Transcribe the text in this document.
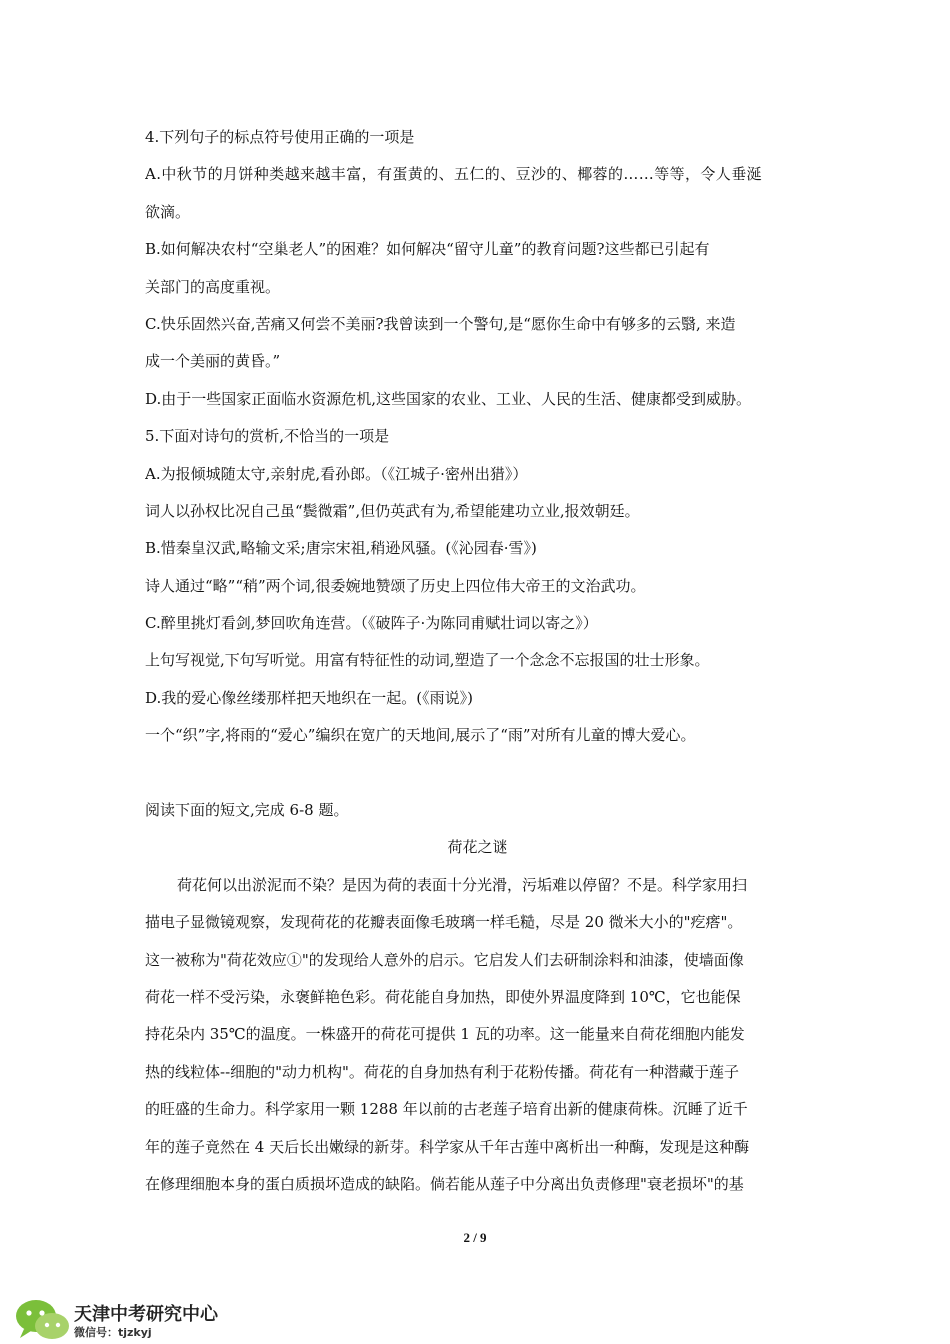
4.下列句子的标点符号使用正确的一项是
A.中秋节的月饼种类越来越丰富，有蛋黄的、五仁的、豆沙的、椰蓉的……等等，令人垂涎
欲滴。
B.如何解决农村“空巢老人”的困难？如何解决“留守儿童”的教育问题?这些都已引起有
关部门的高度重视。
C.快乐固然兴奋,苦痛又何尝不美丽?我曾读到一个警句,是“愿你生命中有够多的云翳, 来造
成一个美丽的黄昏。”
D.由于一些国家正面临水资源危机,这些国家的农业、工业、人民的生活、健康都受到威胁。
5.下面对诗句的赏析,不恰当的一项是
A.为报倾城随太守,亲射虎,看孙郎。（《江城子·密州出猎》）
词人以孙权比况自己虽“鬓微霜”,但仍英武有为,希望能建功立业,报效朝廷。
B.惜秦皇汉武,略输文采;唐宗宋祖,稍逊风骚。(《沁园春·雪》)
诗人通过“略”“稍”两个词,很委婉地赞颂了历史上四位伟大帝王的文治武功。
C.醉里挑灯看剑,梦回吹角连营。（《破阵子·为陈同甫赋壮词以寄之》）
上句写视觉,下句写听觉。用富有特征性的动词,塑造了一个念念不忘报国的壮士形象。
D.我的爱心像丝缕那样把天地织在一起。(《雨说》)
一个“织”字,将雨的“爱心”编织在宽广的天地间,展示了“雨”对所有儿童的博大爱心。
阅读下面的短文,完成 6-8 题。
荷花之谜
荷花何以出淤泥而不染？是因为荷的表面十分光滑，污垢难以停留？不是。科学家用扫
描电子显微镜观察，发现荷花的花瓣表面像毛玻璃一样毛糙，尽是 20 微米大小的"疙瘩"。
这一被称为"荷花效应①"的发现给人意外的启示。它启发人们去研制涂料和油漆，使墙面像
荷花一样不受污染，永褒鲜艳色彩。荷花能自身加热，即使外界温度降到 10℃，它也能保
持花朵内 35℃的温度。一株盛开的荷花可提供 1 瓦的功率。这一能量来自荷花细胞内能发
热的线粒体--细胞的"动力机构"。荷花的自身加热有利于花粉传播。荷花有一种潜藏于莲子
的旺盛的生命力。科学家用一颗 1288 年以前的古老莲子培育出新的健康荷株。沉睡了近千
年的莲子竟然在 4 天后长出嫩绿的新芽。科学家从千年古莲中离析出一种酶，发现是这种酶
在修理细胞本身的蛋白质损坏造成的缺陷。倘若能从莲子中分离出负责修理"衰老损坏"的基
2 / 9
天津中考研究中心
微信号：tjzkyj
